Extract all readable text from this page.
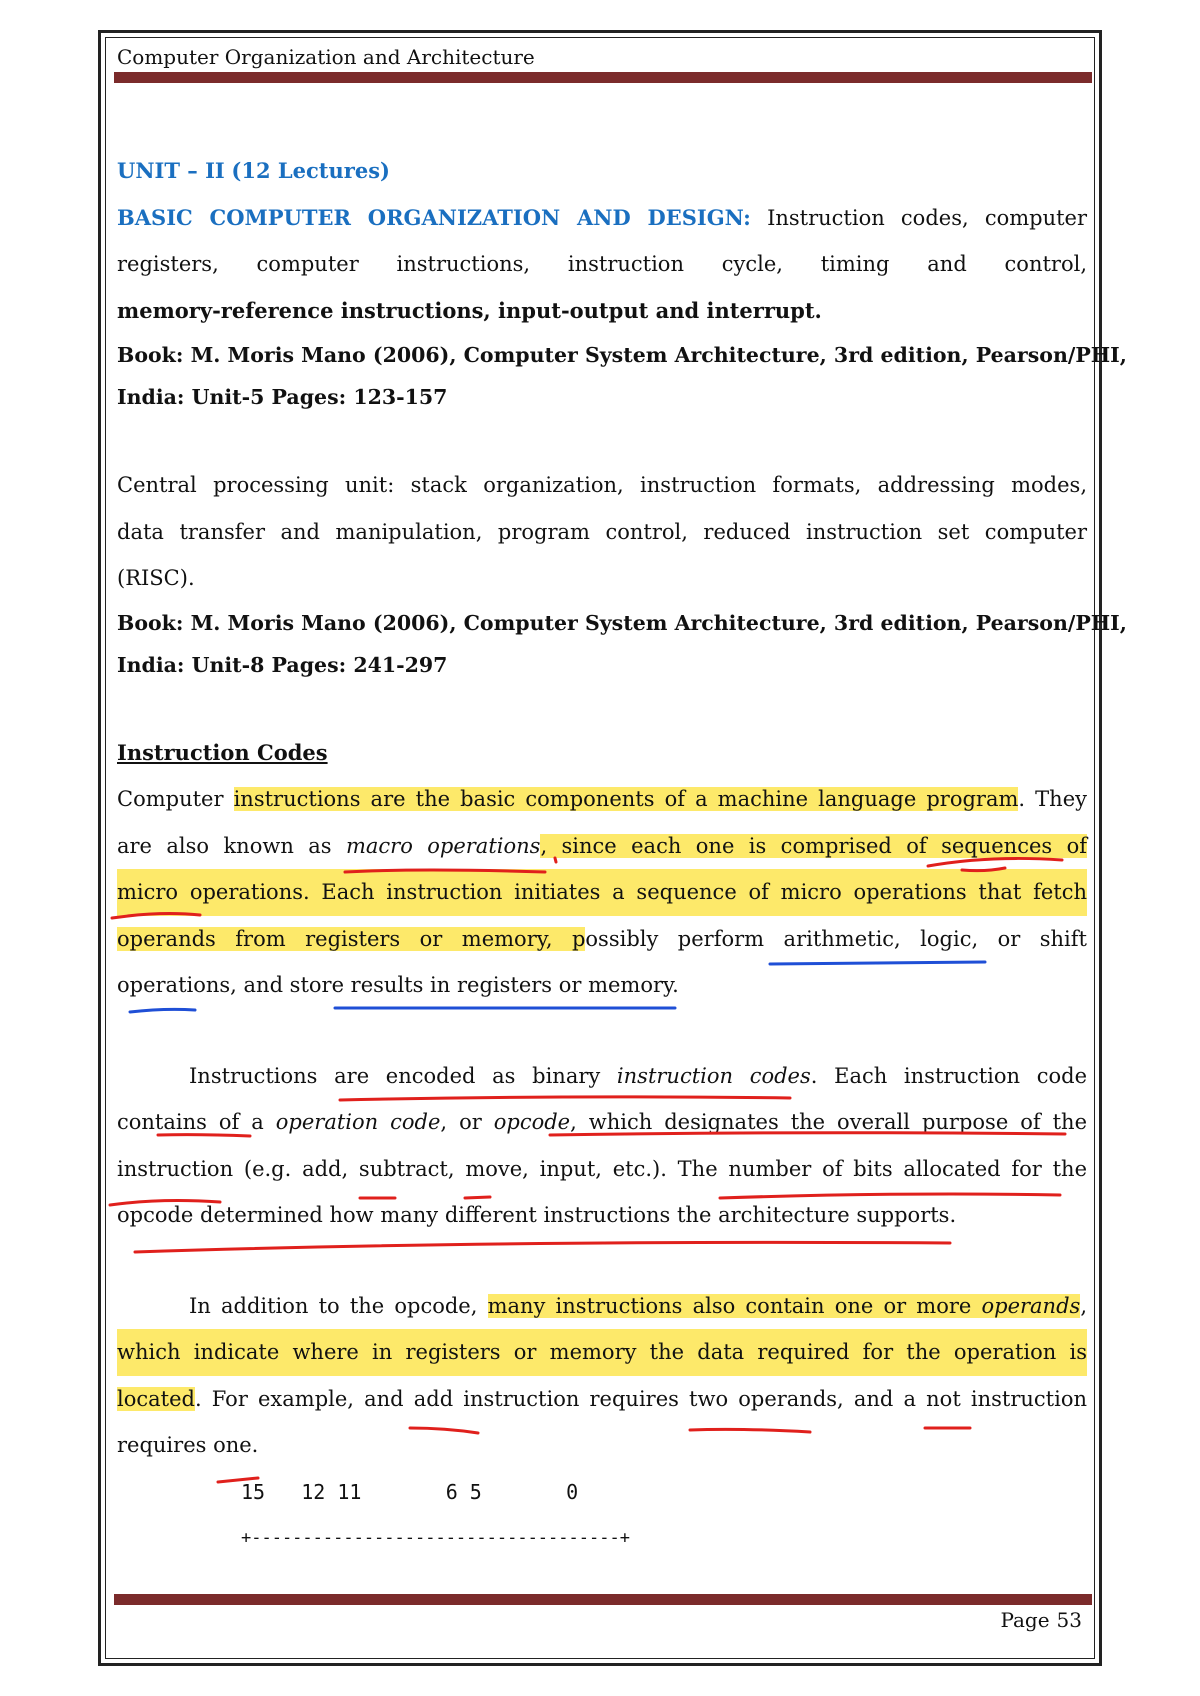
Computer Organization and Architecture
UNIT – II (12 Lectures)
BASIC COMPUTER ORGANIZATION AND DESIGN: Instruction codes, computer
registers, computer instructions, instruction cycle, timing and control,
memory-reference instructions, input-output and interrupt.
Book: M. Moris Mano (2006), Computer System Architecture, 3rd edition, Pearson/PHI,
India: Unit-5 Pages: 123-157
Central processing unit: stack organization, instruction formats, addressing modes,
data transfer and manipulation, program control, reduced instruction set computer
(RISC).
Book: M. Moris Mano (2006), Computer System Architecture, 3rd edition, Pearson/PHI,
India: Unit-8 Pages: 241-297
Instruction Codes
Computer instructions are the basic components of a machine language program. They
are also known as macro operations, since each one is comprised of sequences of
micro operations. Each instruction initiates a sequence of micro operations that fetch
operands from registers or memory, possibly perform arithmetic, logic, or shift
operations, and store results in registers or memory.
Instructions are encoded as binary instruction codes. Each instruction code
contains of a operation code, or opcode, which designates the overall purpose of the
instruction (e.g. add, subtract, move, input, etc.). The number of bits allocated for the
opcode determined how many different instructions the architecture supports.
In addition to the opcode, many instructions also contain one or more operands,
which indicate where in registers or memory the data required for the operation is
located. For example, and add instruction requires two operands, and a not instruction
requires one.
15   12 11       6 5       0
+------------------------------------+
Page 53
